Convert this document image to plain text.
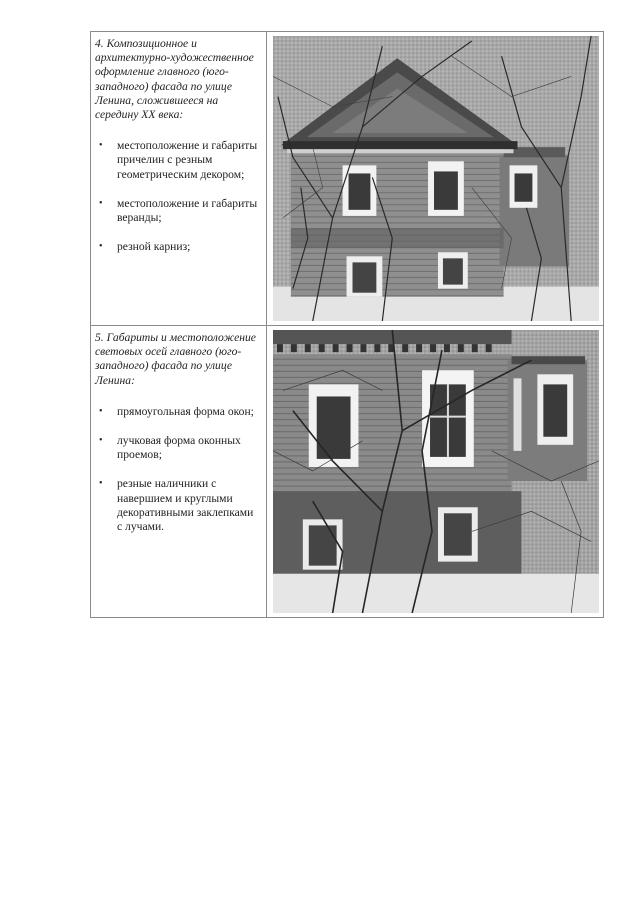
4. Композиционное и архитектурно-художественное оформление главного (юго-западного) фасада по улице Ленина, сложившееся на середину XX века:

• местоположение и габариты причелин с резным геометрическим декором;
• местоположение и габариты веранды;
• резной карниз;

5. Габариты и местоположение световых осей главного (юго-западного) фасада по улице Ленина:

• прямоугольная форма окон;
• лучковая форма оконных проемов;
• резные наличники с навершием и круглыми декоративными заклепками с лучами.
